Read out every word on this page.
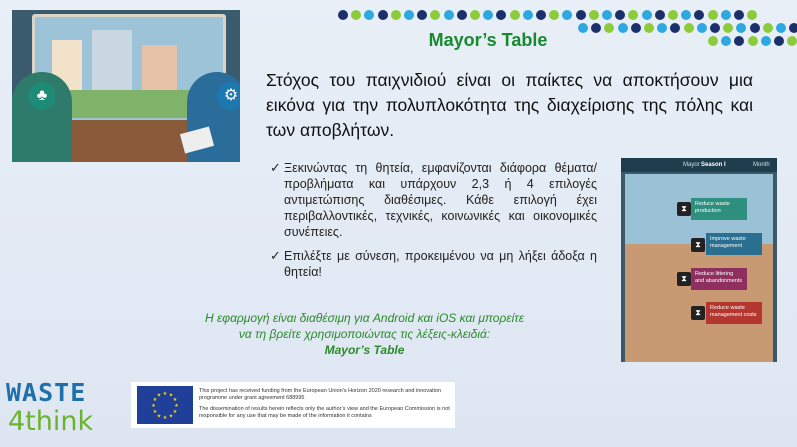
♣	⚙
Mayor’s Table
Στόχος του παιχνιδιού είναι οι παίκτες να αποκτήσουν μια εικόνα για την πολυπλοκότητα της διαχείρισης της πόλης και των αποβλήτων.
✓ Ξεκινώντας τη θητεία, εμφανίζονται διάφορα θέματα/προβλήματα και υπάρχουν 2,3 ή 4 επιλογές αντιμετώπισης διαθέσιμες. Κάθε επιλογή έχει περιβαλλοντικές, τεχνικές, κοινωνικές και οικονομικές συνέπειες.
✓ Επιλέξτε με σύνεση, προκειμένου να μη λήξει άδοξα η θητεία!
Η εφαρμογή είναι διαθέσιμη για Android και iOS και μπορείτε
να τη βρείτε χρησιμοποιώντας τις λέξεις-κλειδιά:
Mayor’s Table
Mayor Season I	Month
Reduce waste production
⧗
Improve waste management
⧗
Reduce littering and abandonments
⧗
Reduce waste management costs
⧗
WASTE
4think
★ ★
★
★
★
★
★
★
★
★
★
★
This project has received funding from the European Union’s Horizon 2020 research and innovation programme under grant agreement 688995
The dissemination of results herein reflects only the author’s view and the European Commission is not responsible for any use that may be made of the information it contains
